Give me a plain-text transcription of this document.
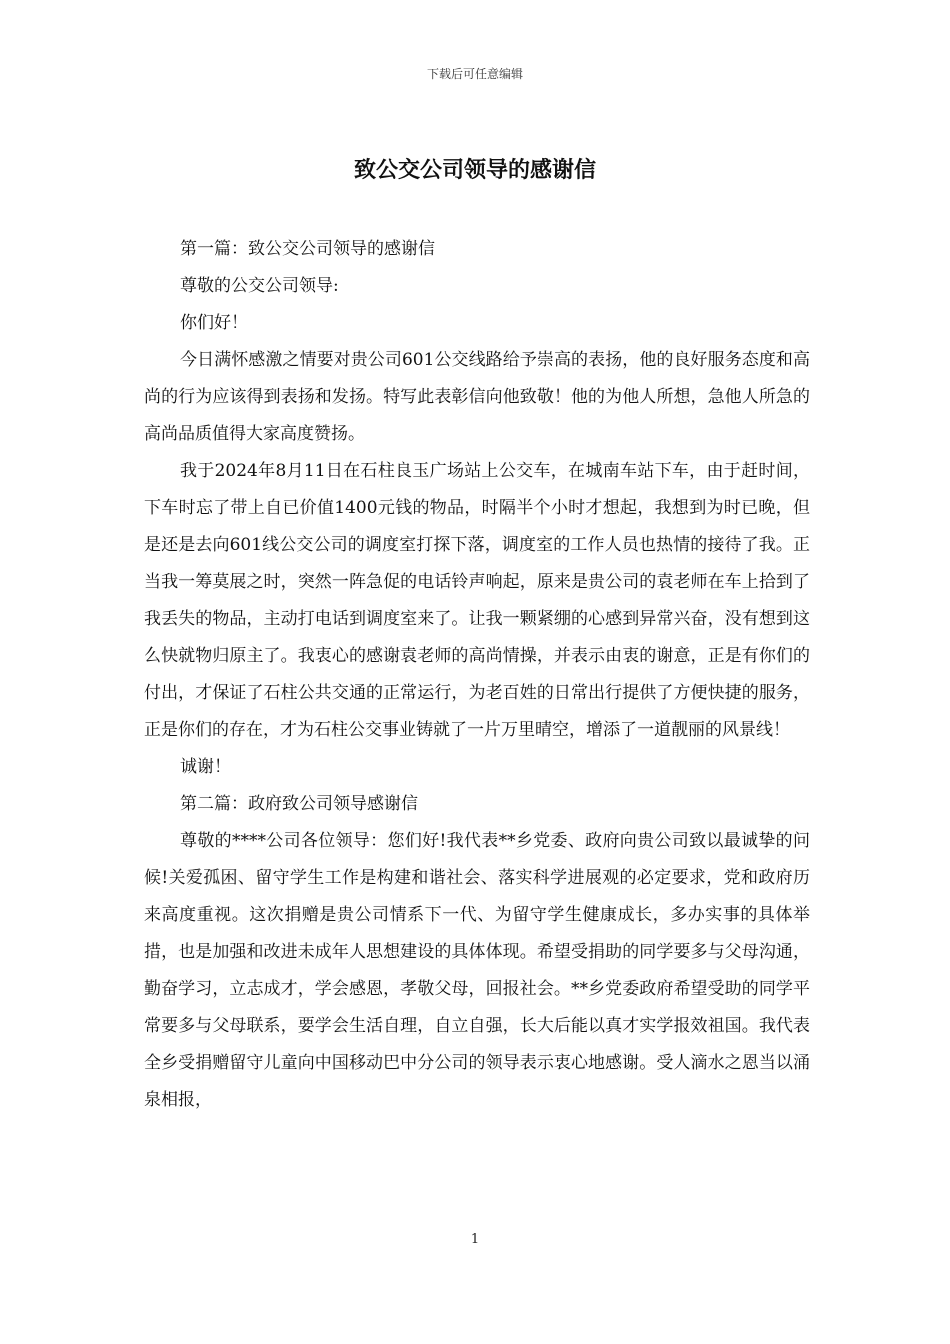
下载后可任意编辑
致公交公司领导的感谢信

第一篇：致公交公司领导的感谢信

尊敬的公交公司领导:

你们好！

今日满怀感激之情要对贵公司601公交线路给予崇高的表扬，他的良好服务态度和高尚的行为应该得到表扬和发扬。特写此表彰信向他致敬！他的为他人所想，急他人所急的高尚品质值得大家高度赞扬。

我于2024年8月11日在石柱良玉广场站上公交车，在城南车站下车，由于赶时间，下车时忘了带上自已价值1400元钱的物品，时隔半个小时才想起，我想到为时已晚，但是还是去向601线公交公司的调度室打探下落，调度室的工作人员也热情的接待了我。正当我一筹莫展之时，突然一阵急促的电话铃声响起，原来是贵公司的袁老师在车上拾到了我丢失的物品，主动打电话到调度室来了。让我一颗紧绷的心感到异常兴奋，没有想到这么快就物归原主了。我衷心的感谢袁老师的高尚情操，并表示由衷的谢意，正是有你们的付出，才保证了石柱公共交通的正常运行，为老百姓的日常出行提供了方便快捷的服务，正是你们的存在，才为石柱公交事业铸就了一片万里晴空，增添了一道靓丽的风景线！

诚谢！

第二篇：政府致公司领导感谢信

尊敬的****公司各位领导：您们好!我代表**乡党委、政府向贵公司致以最诚挚的问候!关爱孤困、留守学生工作是构建和谐社会、落实科学进展观的必定要求，党和政府历来高度重视。这次捐赠是贵公司情系下一代、为留守学生健康成长，多办实事的具体举措，也是加强和改进未成年人思想建设的具体体现。希望受捐助的同学要多与父母沟通，勤奋学习，立志成才，学会感恩，孝敬父母，回报社会。**乡党委政府希望受助的同学平常要多与父母联系，要学会生活自理，自立自强，长大后能以真才实学报效祖国。我代表全乡受捐赠留守儿童向中国移动巴中分公司的领导表示衷心地感谢。受人滴水之恩当以涌泉相报，

1
